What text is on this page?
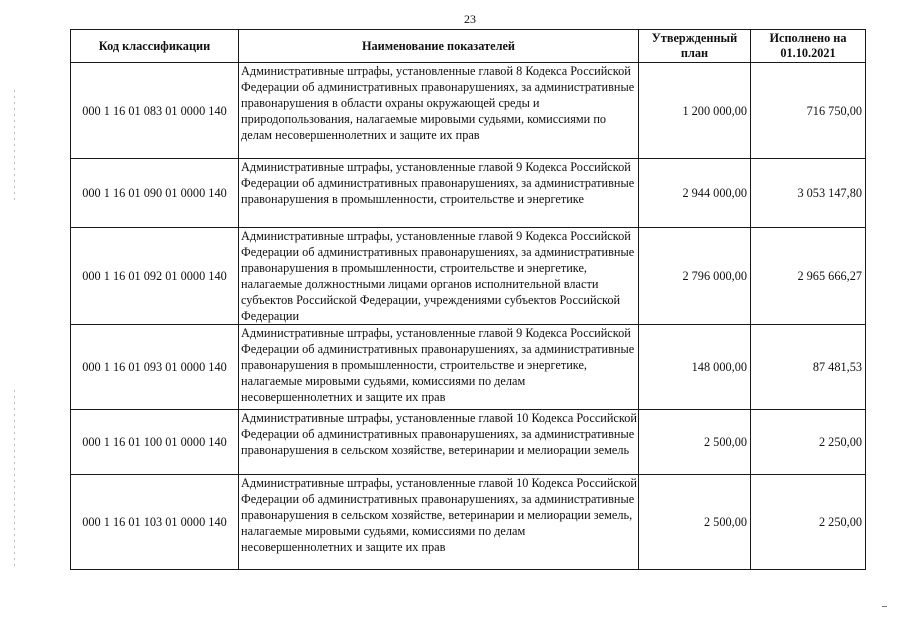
23
Код классификации	Наименование показателей	Утвержденный план	Исполнено на 01.10.2021
000 1 16 01 083 01 0000 140	Административные штрафы, установленные главой 8 Кодекса Российской Федерации об административных правонарушениях, за административные правонарушения в области охраны окружающей среды и природопользования, налагаемые мировыми судьями, комиссиями по делам несовершеннолетних и защите их прав	1 200 000,00	716 750,00
000 1 16 01 090 01 0000 140	Административные штрафы, установленные главой 9 Кодекса Российской Федерации об административных правонарушениях, за административные правонарушения в промышленности, строительстве и энергетике	2 944 000,00	3 053 147,80
000 1 16 01 092 01 0000 140	Административные штрафы, установленные главой 9 Кодекса Российской Федерации об административных правонарушениях, за административные правонарушения в промышленности, строительстве и энергетике, налагаемые должностными лицами органов исполнительной власти субъектов Российской Федерации, учреждениями субъектов Российской Федерации	2 796 000,00	2 965 666,27
000 1 16 01 093 01 0000 140	Административные штрафы, установленные главой 9 Кодекса Российской Федерации об административных правонарушениях, за административные правонарушения в промышленности, строительстве и энергетике, налагаемые мировыми судьями, комиссиями по делам несовершеннолетних и защите их прав	148 000,00	87 481,53
000 1 16 01 100 01 0000 140	Административные штрафы, установленные главой 10 Кодекса Российской Федерации об административных правонарушениях, за административные правонарушения в сельском хозяйстве, ветеринарии и мелиорации земель	2 500,00	2 250,00
000 1 16 01 103 01 0000 140	Административные штрафы, установленные главой 10 Кодекса Российской Федерации об административных правонарушениях, за административные правонарушения в сельском хозяйстве, ветеринарии и мелиорации земель, налагаемые мировыми судьями, комиссиями по делам несовершеннолетних и защите их прав	2 500,00	2 250,00
